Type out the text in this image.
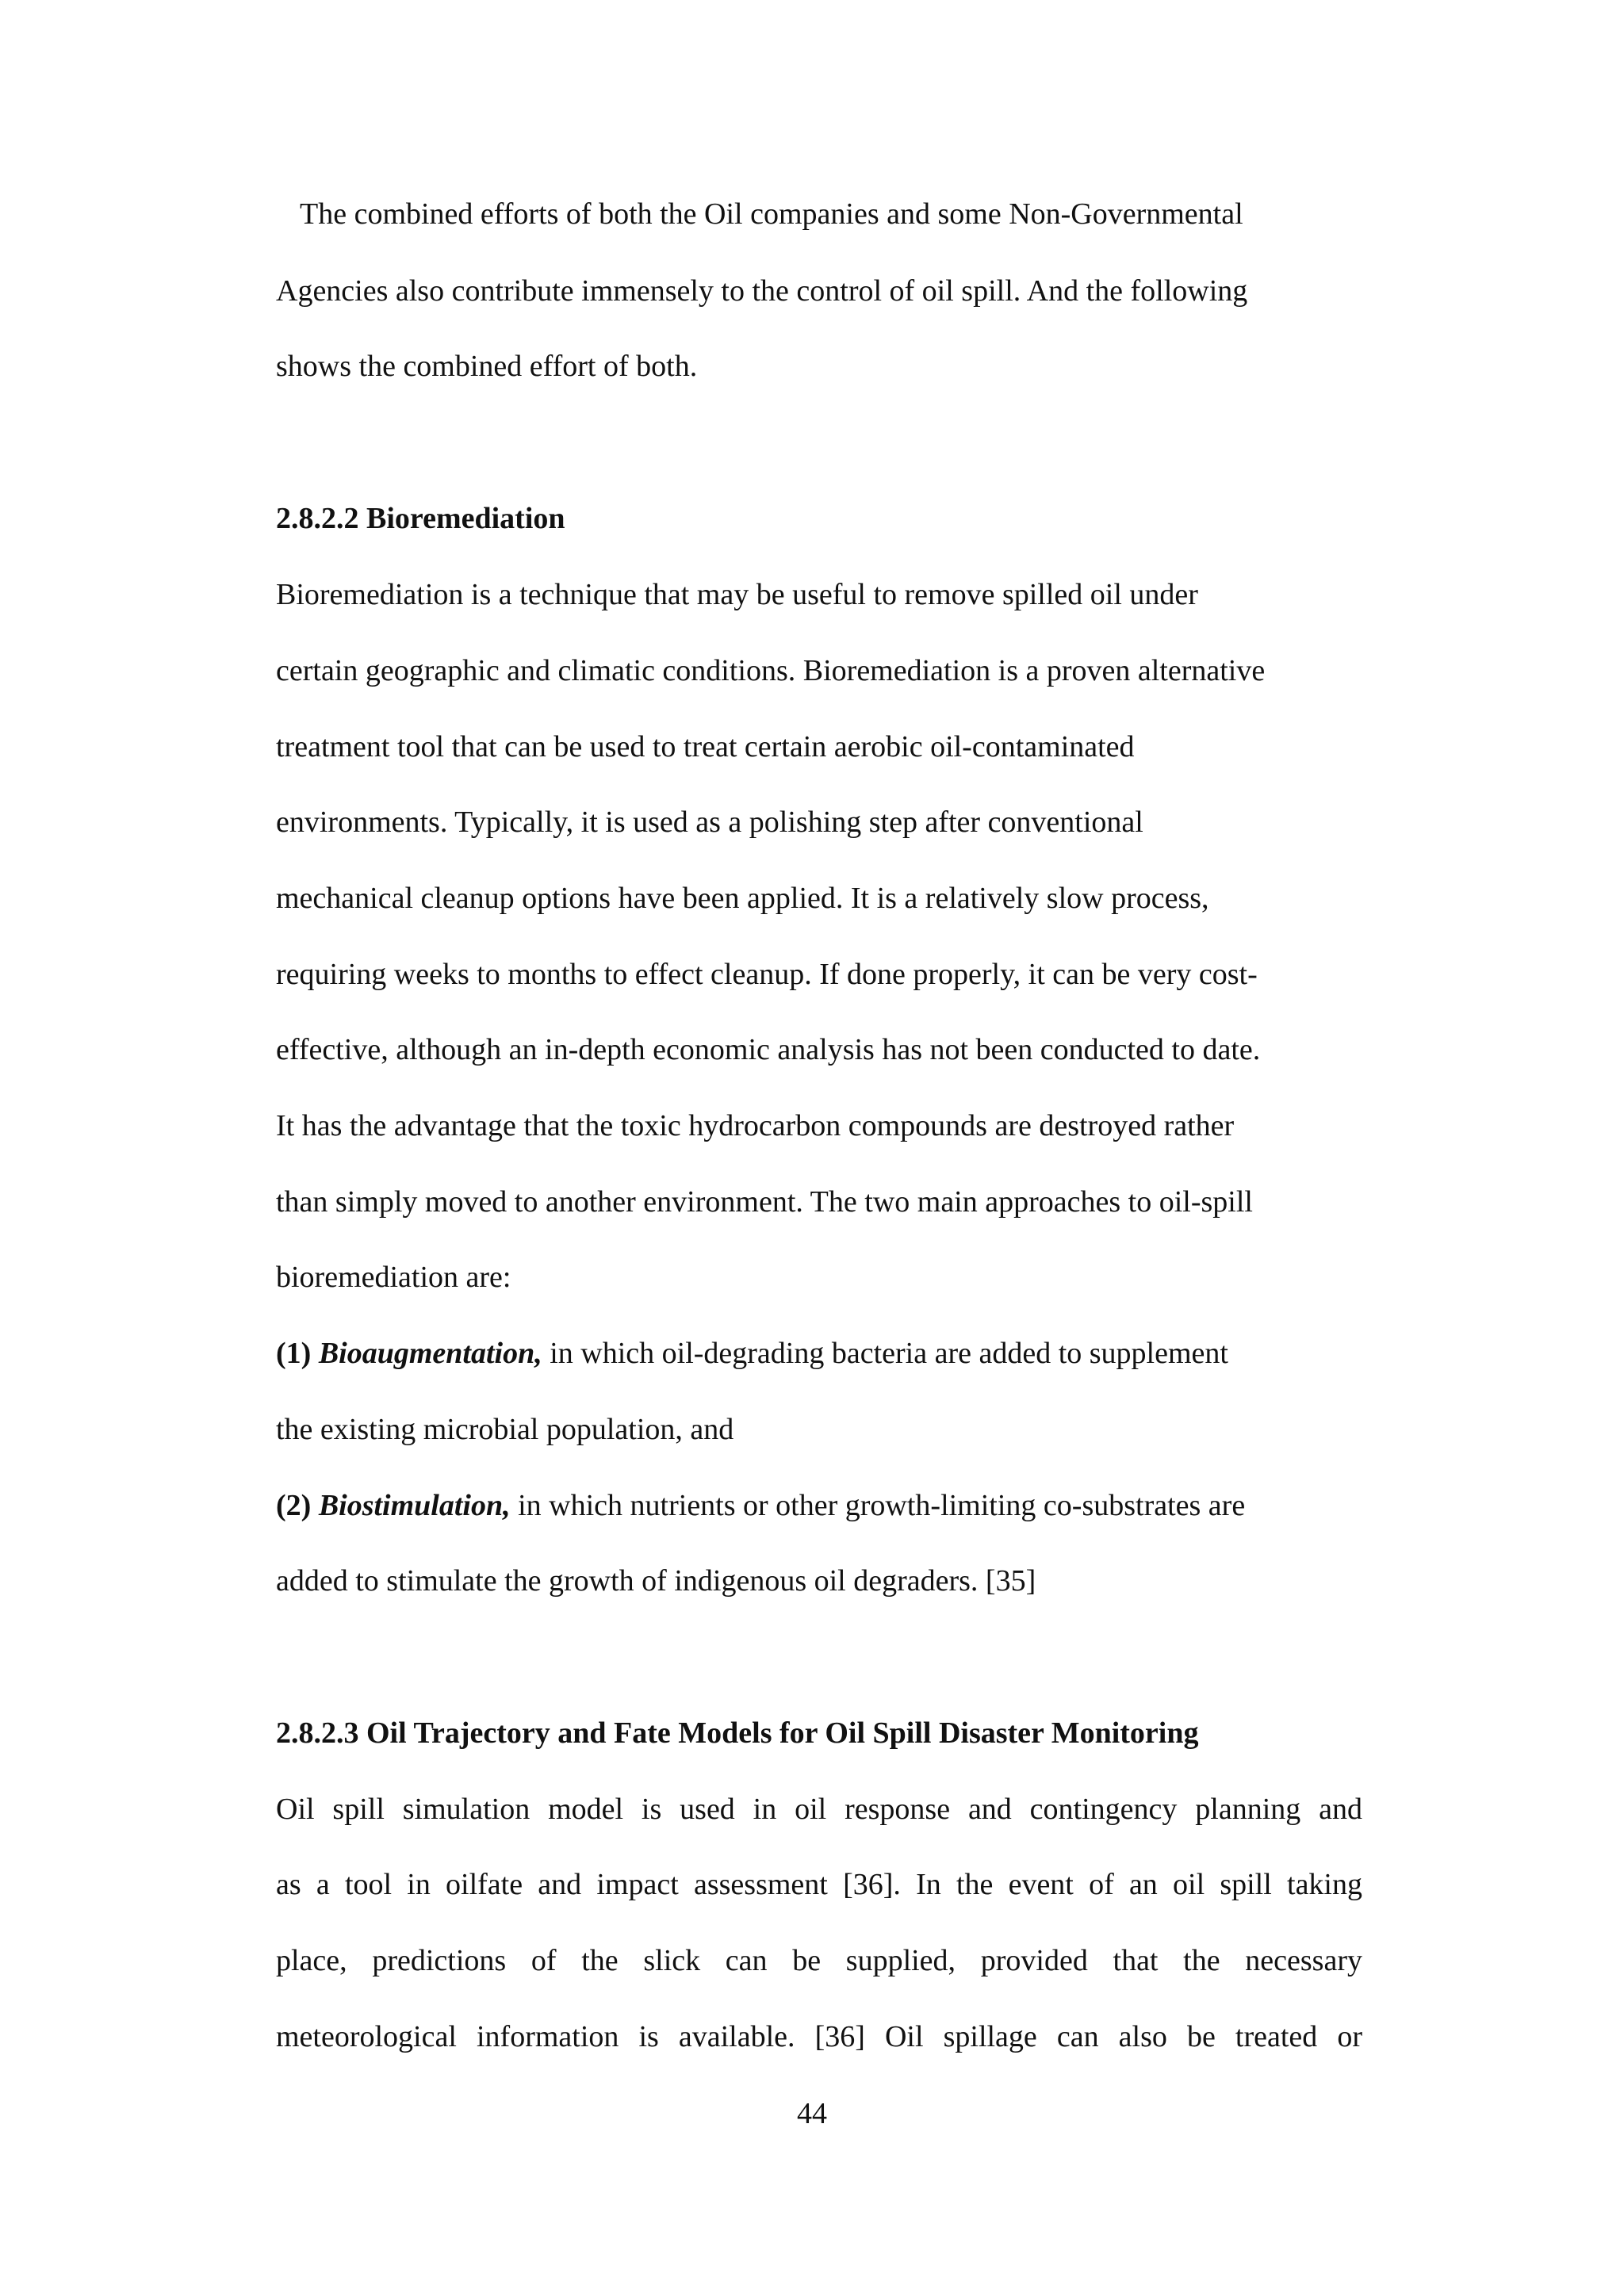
The combined efforts of both the Oil companies and some Non-Governmental
Agencies also contribute immensely to the control of oil spill. And the following
shows the combined effort of both.
2.8.2.2 Bioremediation
Bioremediation is a technique that may be useful to remove spilled oil under
certain geographic and climatic conditions. Bioremediation is a proven alternative
treatment tool that can be used to treat certain aerobic oil-contaminated
environments. Typically, it is used as a polishing step after conventional
mechanical cleanup options have been applied. It is a relatively slow process,
requiring weeks to months to effect cleanup. If done properly, it can be very cost-
effective, although an in-depth economic analysis has not been conducted to date.
It has the advantage that the toxic hydrocarbon compounds are destroyed rather
than simply moved to another environment. The two main approaches to oil-spill
bioremediation are:
(1) Bioaugmentation, in which oil-degrading bacteria are added to supplement
the existing microbial population, and
(2) Biostimulation, in which nutrients or other growth-limiting co-substrates are
added to stimulate the growth of indigenous oil degraders. [35]
2.8.2.3 Oil Trajectory and Fate Models for Oil Spill Disaster Monitoring
Oil spill simulation model is used in oil response and contingency planning and
as a tool in oilfate and impact assessment [36]. In the event of an oil spill taking
place, predictions of the slick can be supplied, provided that the necessary
meteorological information is available. [36] Oil spillage can also be treated or
44
